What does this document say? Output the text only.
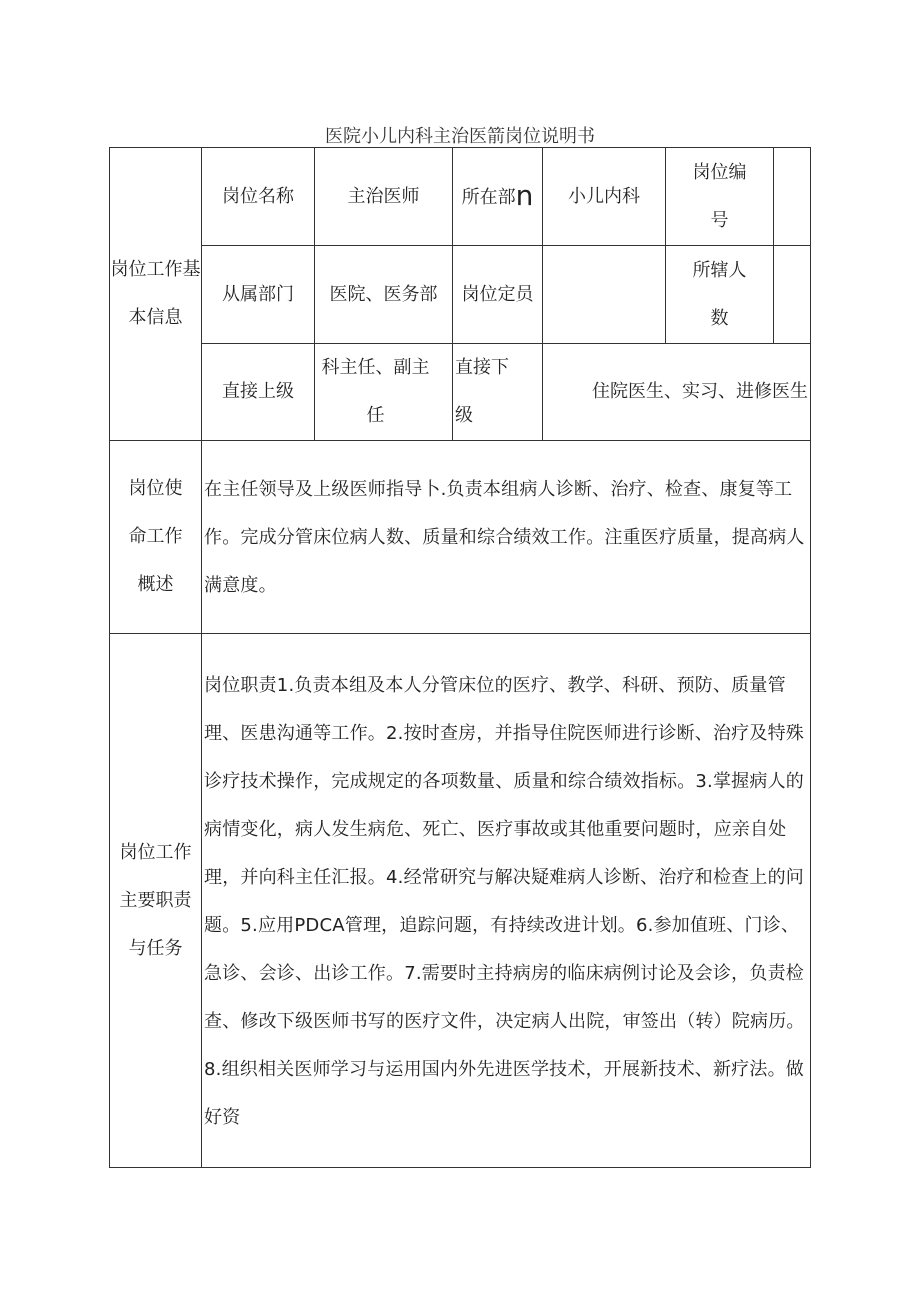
医院小儿内科主治医箭岗位说明书
岗位工作基本信息	岗位名称	主治医师	所在部n	小儿内科	岗位编号	

	从属部门	医院、医务部	岗位定员		所辖人数	

	直接上级	科主任、副主任	直接下级	住院医生、实习、进修医生		

岗位使命工作概述	在主任领导及上级医师指导卜.负责本组病人诊断、治疗、检查、康复等工作。完成分管床位病人数、质量和综合绩效工作。注重医疗质量，提高病人满意度。					

岗位工作主要职责与任务	岗位职责1.负责本组及本人分管床位的医疗、教学、科研、预防、质量管理、医患沟通等工作。2.按时查房，并指导住院医师进行诊断、治疗及特殊诊疗技术操作，完成规定的各项数量、质量和综合绩效指标。3.掌握病人的病情变化，病人发生病危、死亡、医疗事故或其他重要问题时，应亲自处理，并向科主任汇报。4.经常研究与解决疑难病人诊断、治疗和检查上的问题。5.应用PDCA管理，追踪问题，有持续改进计划。6.参加值班、门诊、急诊、会诊、出诊工作。7.需要时主持病房的临床病例讨论及会诊，负责检查、修改下级医师书写的医疗文件，决定病人出院，审签出（转）院病历。8.组织相关医师学习与运用国内外先进医学技术，开展新技术、新疗法。做好资					
